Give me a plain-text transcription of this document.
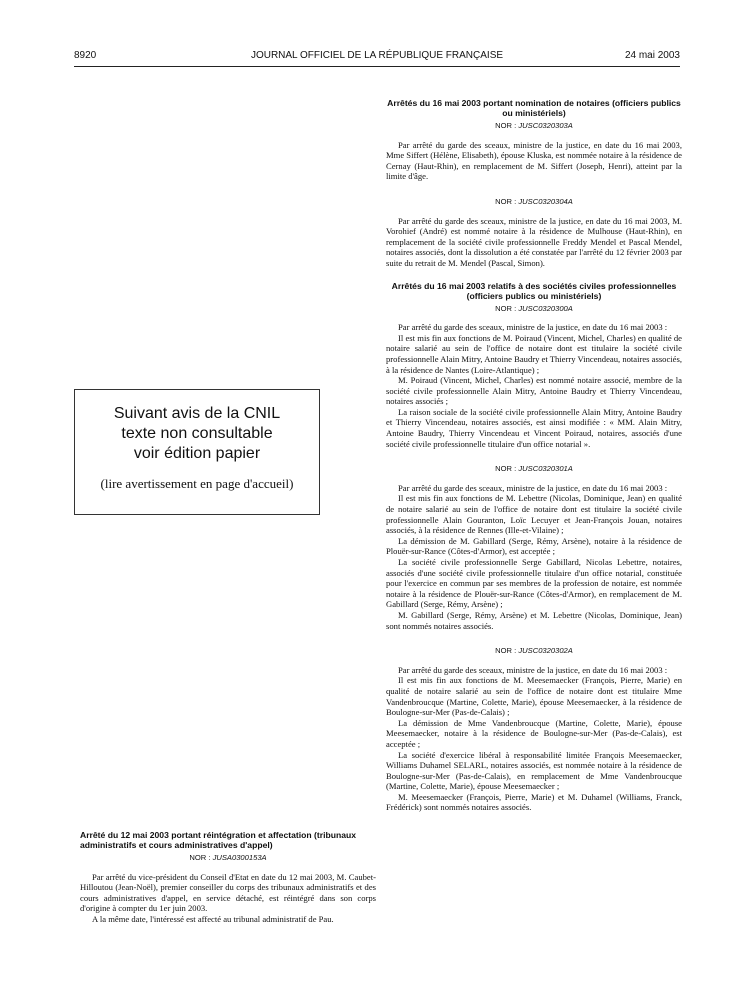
8920	JOURNAL OFFICIEL DE LA RÉPUBLIQUE FRANÇAISE	24 mai 2003
Suivant avis de la CNIL
texte non consultable
voir édition papier
(lire avertissement en page d'accueil)
Arrêtés du 16 mai 2003 portant nomination de notaires (officiers publics ou ministériels)
NOR : JUSC0320303A

Par arrêté du garde des sceaux, ministre de la justice, en date du 16 mai 2003, Mme Siffert (Hélène, Elisabeth), épouse Kluska, est nommée notaire à la résidence de Cernay (Haut-Rhin), en remplacement de M. Siffert (Joseph, Henri), atteint par la limite d'âge.

NOR : JUSC0320304A

Par arrêté du garde des sceaux, ministre de la justice, en date du 16 mai 2003, M. Vorohief (André) est nommé notaire à la résidence de Mulhouse (Haut-Rhin), en remplacement de la société civile professionnelle Freddy Mendel et Pascal Mendel, notaires associés, dont la dissolution a été constatée par l'arrêté du 12 février 2003 par suite du retrait de M. Mendel (Pascal, Simon).

Arrêtés du 16 mai 2003 relatifs à des sociétés civiles professionnelles (officiers publics ou ministériels)
NOR : JUSC0320300A

Par arrêté du garde des sceaux, ministre de la justice, en date du 16 mai 2003 :

Il est mis fin aux fonctions de M. Poiraud (Vincent, Michel, Charles) en qualité de notaire salarié au sein de l'office de notaire dont est titulaire la société civile professionnelle Alain Mitry, Antoine Baudry et Thierry Vincendeau, notaires associés, à la résidence de Nantes (Loire-Atlantique) ;

M. Poiraud (Vincent, Michel, Charles) est nommé notaire associé, membre de la société civile professionnelle Alain Mitry, Antoine Baudry et Thierry Vincendeau, notaires associés ;

La raison sociale de la société civile professionnelle Alain Mitry, Antoine Baudry et Thierry Vincendeau, notaires associés, est ainsi modifiée : « MM. Alain Mitry, Antoine Baudry, Thierry Vincendeau et Vincent Poiraud, notaires, associés d'une société civile professionnelle titulaire d'un office notarial ».

NOR : JUSC0320301A

Par arrêté du garde des sceaux, ministre de la justice, en date du 16 mai 2003 :

Il est mis fin aux fonctions de M. Lebettre (Nicolas, Dominique, Jean) en qualité de notaire salarié au sein de l'office de notaire dont est titulaire la société civile professionnelle Alain Gouranton, Loïc Lecuyer et Jean-François Jouan, notaires associés, à la résidence de Rennes (Ille-et-Vilaine) ;

La démission de M. Gabillard (Serge, Rémy, Arsène), notaire à la résidence de Plouër-sur-Rance (Côtes-d'Armor), est acceptée ;

La société civile professionnelle Serge Gabillard, Nicolas Lebettre, notaires, associés d'une société civile professionnelle titulaire d'un office notarial, constituée pour l'exercice en commun par ses membres de la profession de notaire, est nommée notaire à la résidence de Plouër-sur-Rance (Côtes-d'Armor), en remplacement de M. Gabillard (Serge, Rémy, Arsène) ;

M. Gabillard (Serge, Rémy, Arsène) et M. Lebettre (Nicolas, Dominique, Jean) sont nommés notaires associés.

NOR : JUSC0320302A

Par arrêté du garde des sceaux, ministre de la justice, en date du 16 mai 2003 :

Il est mis fin aux fonctions de M. Meesemaecker (François, Pierre, Marie) en qualité de notaire salarié au sein de l'office de notaire dont est titulaire Mme Vandenbroucque (Martine, Colette, Marie), épouse Meesemaecker, à la résidence de Boulogne-sur-Mer (Pas-de-Calais) ;

La démission de Mme Vandenbroucque (Martine, Colette, Marie), épouse Meesemaecker, notaire à la résidence de Boulogne-sur-Mer (Pas-de-Calais), est acceptée ;

La société d'exercice libéral à responsabilité limitée François Meesemaecker, Williams Duhamel SELARL, notaires associés, est nommée notaire à la résidence de Boulogne-sur-Mer (Pas-de-Calais), en remplacement de Mme Vandenbroucque (Martine, Colette, Marie), épouse Meesemaecker ;

M. Meesemaecker (François, Pierre, Marie) et M. Duhamel (Williams, Franck, Frédérick) sont nommés notaires associés.

Arrêté du 12 mai 2003 portant réintégration et affectation (tribunaux administratifs et cours administratives d'appel)
NOR : JUSA0300153A

Par arrêté du vice-président du Conseil d'Etat en date du 12 mai 2003, M. Caubet-Hilloutou (Jean-Noël), premier conseiller du corps des tribunaux administratifs et des cours administratives d'appel, en service détaché, est réintégré dans son corps d'origine à compter du 1er juin 2003.

A la même date, l'intéressé est affecté au tribunal administratif de Pau.
